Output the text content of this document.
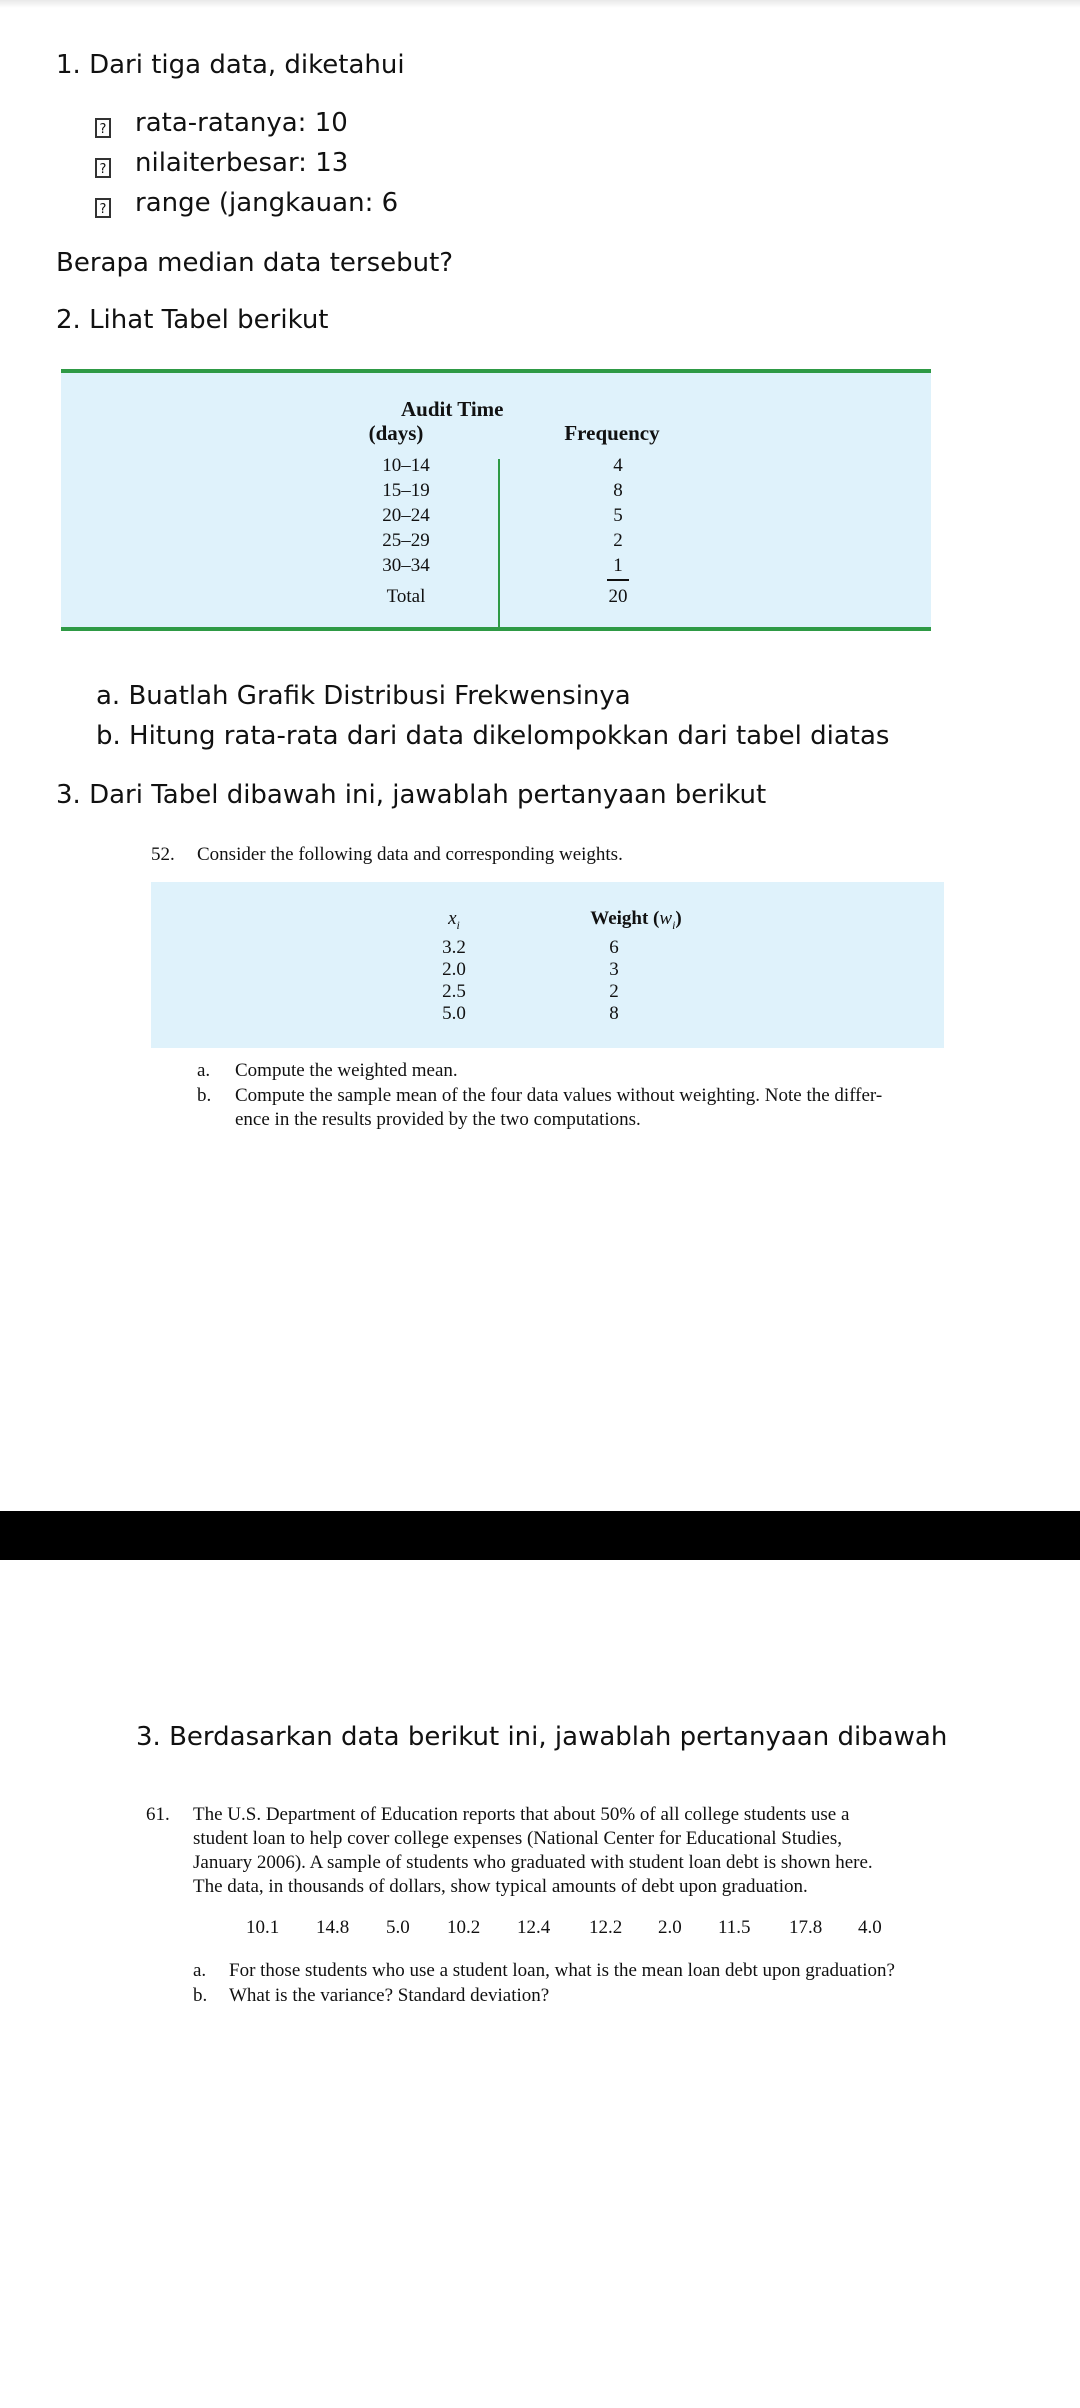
1. Dari tiga data, diketahui
? rata-ratanya: 10
? nilaiterbesar: 13
? range (jangkauan: 6
Berapa median data tersebut?
2. Lihat Tabel berikut
Audit Time
(days)	Frequency
10–14
15–19
20–24
25–29
30–34
Total
4
8
5
2
1
20
a. Buatlah Grafik Distribusi Frekwensinya
b. Hitung rata-rata dari data dikelompokkan dari tabel diatas
3. Dari Tabel dibawah ini, jawablah pertanyaan berikut
52. Consider the following data and corresponding weights.
$x_i$	Weight $(w_i)$
3.2
2.0
2.5
5.0
6
3
2
8
a. Compute the weighted mean.
b. Compute the sample mean of the four data values without weighting. Note the differ-
ence in the results provided by the two computations.
3. Berdasarkan data berikut ini, jawablah pertanyaan dibawah
61. The U.S. Department of Education reports that about 50% of all college students use a
student loan to help cover college expenses (National Center for Educational Studies,
January 2006). A sample of students who graduated with student loan debt is shown here.
The data, in thousands of dollars, show typical amounts of debt upon graduation.
10.1 14.8 5.0 10.2 12.4 12.2 2.0 11.5 17.8 4.0
a. For those students who use a student loan, what is the mean loan debt upon graduation?
b. What is the variance? Standard deviation?
